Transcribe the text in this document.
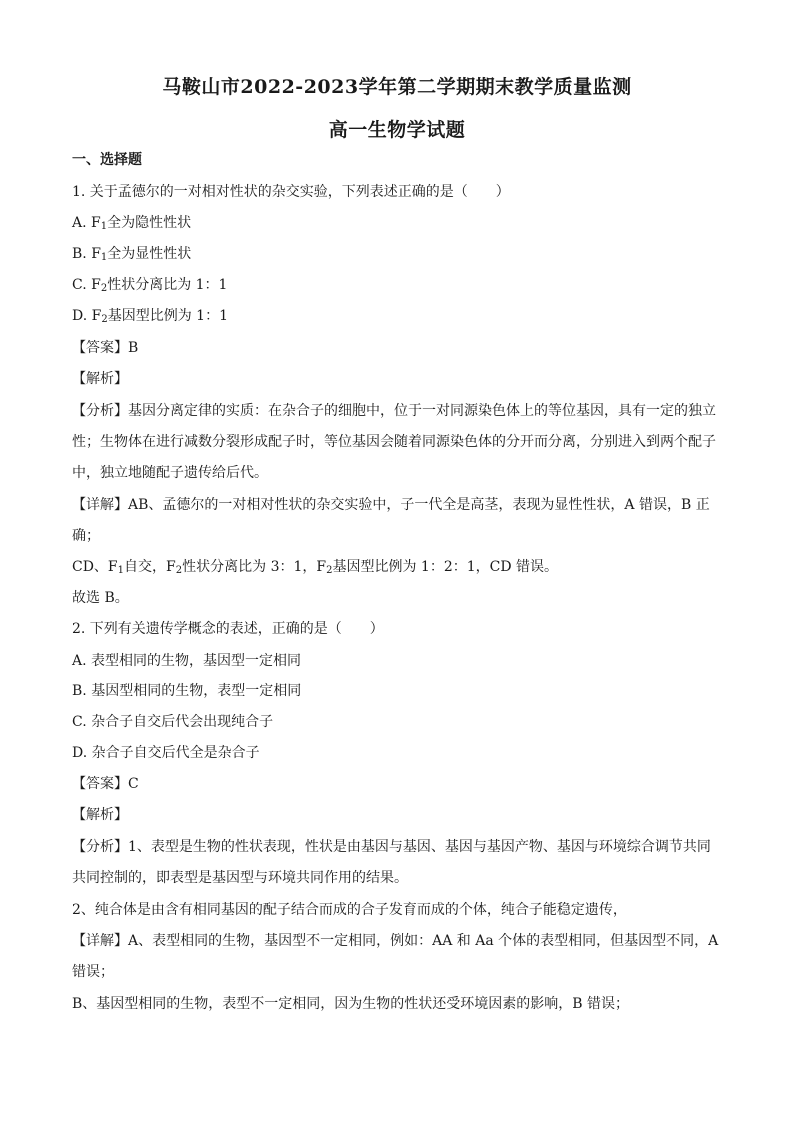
马鞍山市2022-2023学年第二学期期末教学质量监测
高一生物学试题
一、选择题
1. 关于孟德尔的一对相对性状的杂交实验，下列表述正确的是（　　）
A. $F_1$全为隐性性状
B. $F_1$全为显性性状
C. $F_2$性状分离比为 1：1
D. $F_2$基因型比例为 1：1
【答案】B
【解析】
【分析】基因分离定律的实质：在杂合子的细胞中，位于一对同源染色体上的等位基因，具有一定的独立
性；生物体在进行减数分裂形成配子时，等位基因会随着同源染色体的分开而分离，分别进入到两个配子
中，独立地随配子遗传给后代。
【详解】AB、孟德尔的一对相对性状的杂交实验中，子一代全是高茎，表现为显性性状，A 错误，B 正
确；
CD、$F_1$自交，$F_2$性状分离比为 3：1，$F_2$基因型比例为 1：2：1，CD 错误。
故选 B。
2. 下列有关遗传学概念的表述，正确的是（　　）
A. 表型相同的生物，基因型一定相同
B. 基因型相同的生物，表型一定相同
C. 杂合子自交后代会出现纯合子
D. 杂合子自交后代全是杂合子
【答案】C
【解析】
【分析】1、表型是生物的性状表现，性状是由基因与基因、基因与基因产物、基因与环境综合调节共同
共同控制的，即表型是基因型与环境共同作用的结果。
2、纯合体是由含有相同基因的配子结合而成的合子发育而成的个体，纯合子能稳定遗传，
【详解】A、表型相同的生物，基因型不一定相同，例如：AA 和 Aa 个体的表型相同，但基因型不同，A
错误；
B、基因型相同的生物，表型不一定相同，因为生物的性状还受环境因素的影响，B 错误；
